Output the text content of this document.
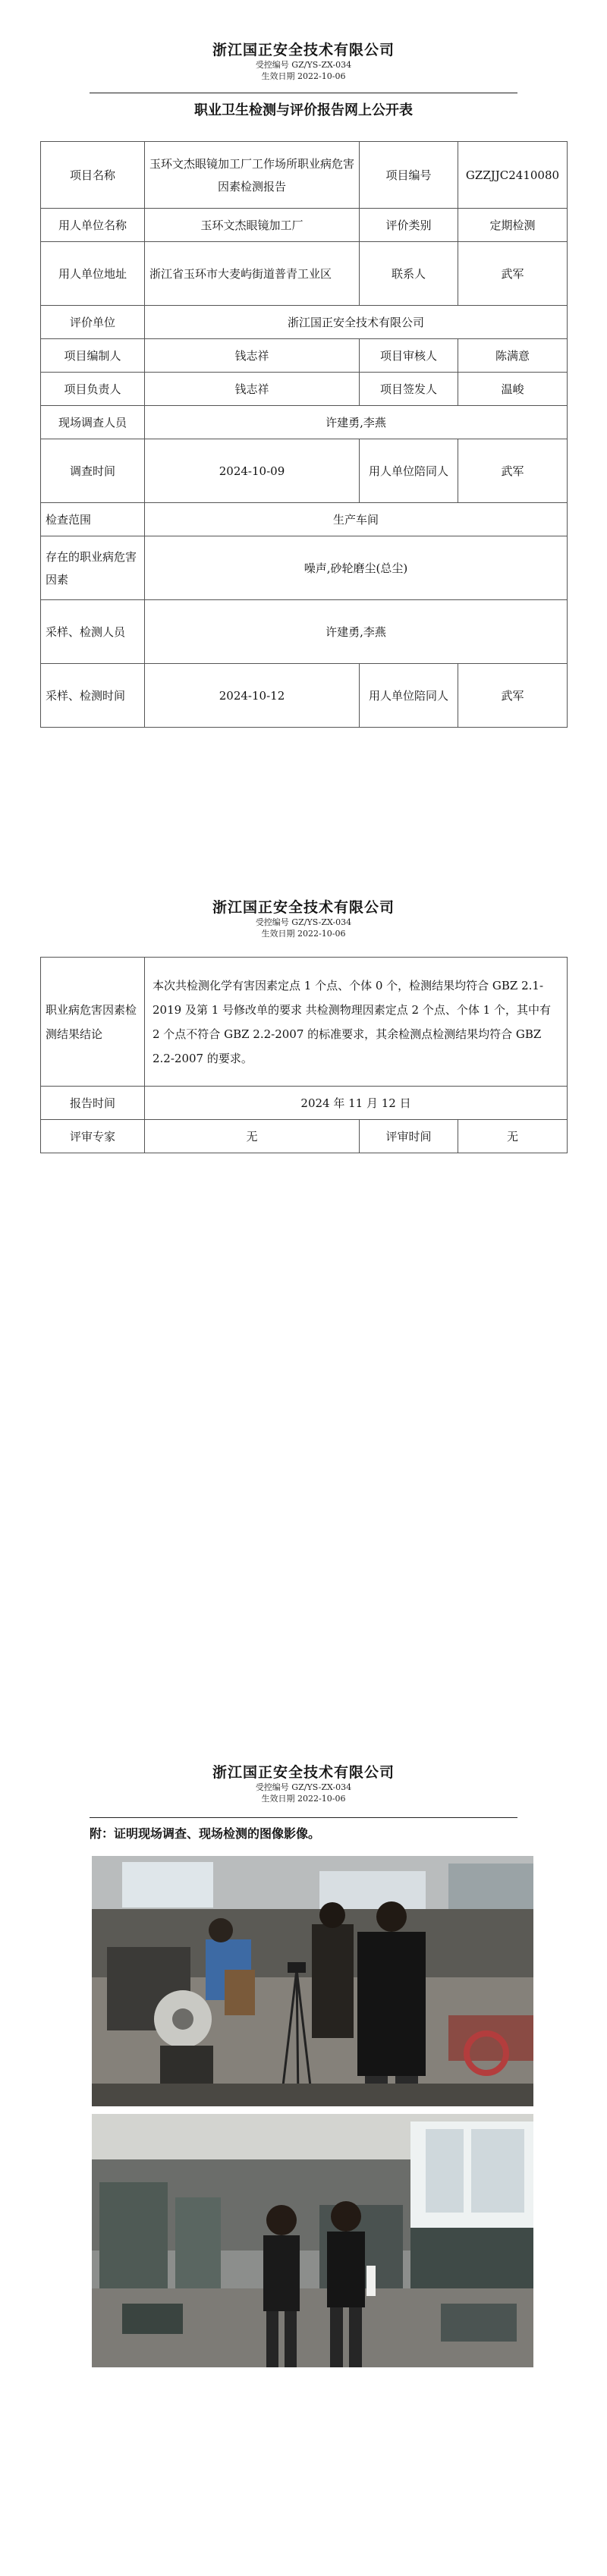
浙江国正安全技术有限公司
受控编号 GZ/YS-ZX-034
生效日期 2022-10-06
职业卫生检测与评价报告网上公开表
项目名称	玉环文杰眼镜加工厂工作场所职业病危害因素检测报告	项目编号	GZZJJC2410080
用人单位名称	玉环文杰眼镜加工厂	评价类别	定期检测
用人单位地址	浙江省玉环市大麦屿街道普青工业区	联系人	武军
评价单位	浙江国正安全技术有限公司		
项目编制人	钱志祥	项目审核人	陈满意
项目负责人	钱志祥	项目签发人	温峻
现场调查人员	许建勇,李燕		
调查时间	2024-10-09	用人单位陪同人	武军
检查范围	生产车间		
存在的职业病危害因素	噪声,砂轮磨尘(总尘)		
采样、检测人员	许建勇,李燕		
采样、检测时间	2024-10-12	用人单位陪同人	武军
浙江国正安全技术有限公司
受控编号 GZ/YS-ZX-034
生效日期 2022-10-06
职业病危害因素检测结果结论	本次共检测化学有害因素定点 1 个点、个体 0 个，检测结果均符合 GBZ 2.1-2019 及第 1 号修改单的要求 共检测物理因素定点 2 个点、个体 1 个，其中有 2 个点不符合 GBZ 2.2-2007 的标准要求，其余检测点检测结果均符合 GBZ 2.2-2007 的要求。		
报告时间	2024 年 11 月 12 日		
评审专家	无	评审时间	无
浙江国正安全技术有限公司
受控编号 GZ/YS-ZX-034
生效日期 2022-10-06
附：证明现场调查、现场检测的图像影像。
